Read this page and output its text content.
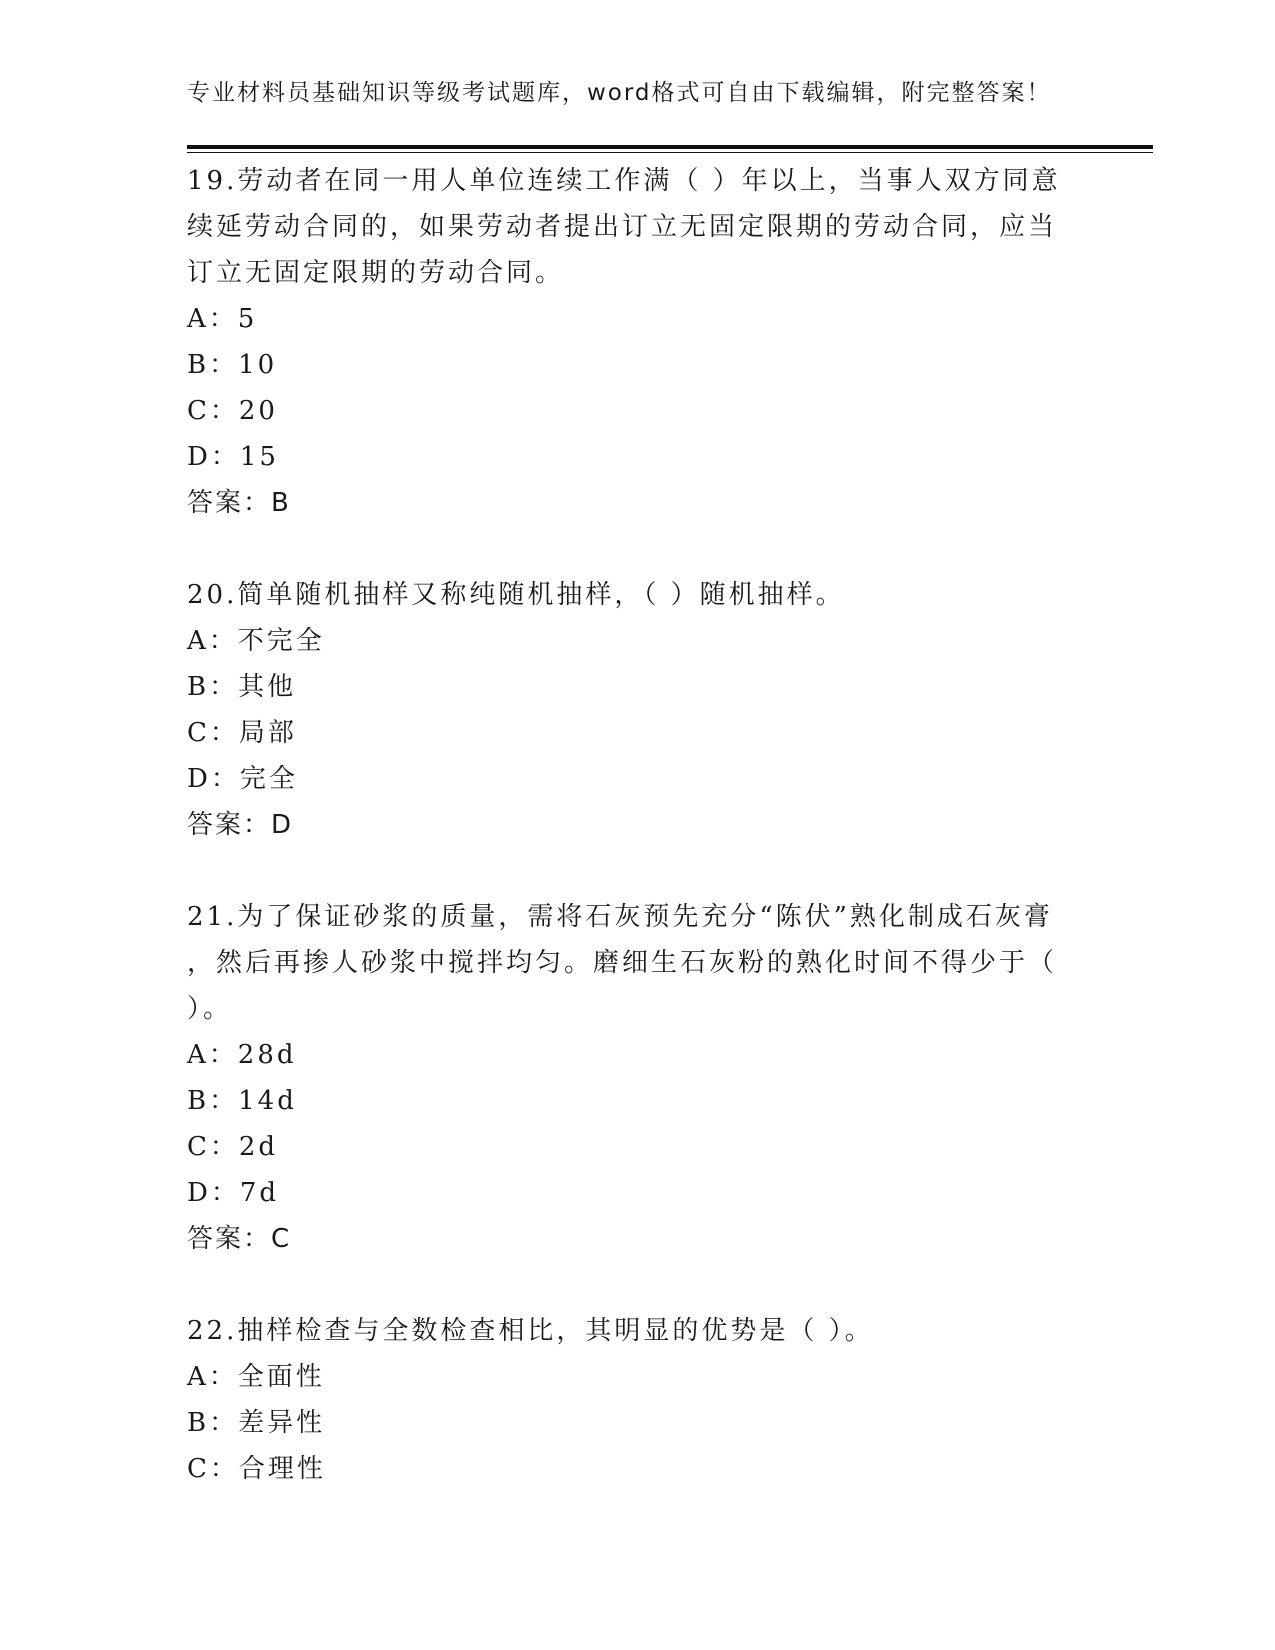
专业材料员基础知识等级考试题库，word格式可自由下载编辑，附完整答案！

19.劳动者在同一用人单位连续工作满（ ）年以上，当事人双方同意

续延劳动合同的，如果劳动者提出订立无固定限期的劳动合同，应当

订立无固定限期的劳动合同。

A：5

B：10

C：20

D：15

答案：B

20.简单随机抽样又称纯随机抽样，（ ）随机抽样。

A：不完全

B：其他

C：局部

D：完全

答案：D

21.为了保证砂浆的质量，需将石灰预先充分“陈伏”熟化制成石灰膏

，然后再掺人砂浆中搅拌均匀。磨细生石灰粉的熟化时间不得少于（

）。

A：28d

B：14d

C：2d

D：7d

答案：C

22.抽样检查与全数检查相比，其明显的优势是（ ）。

A：全面性

B：差异性

C：合理性
